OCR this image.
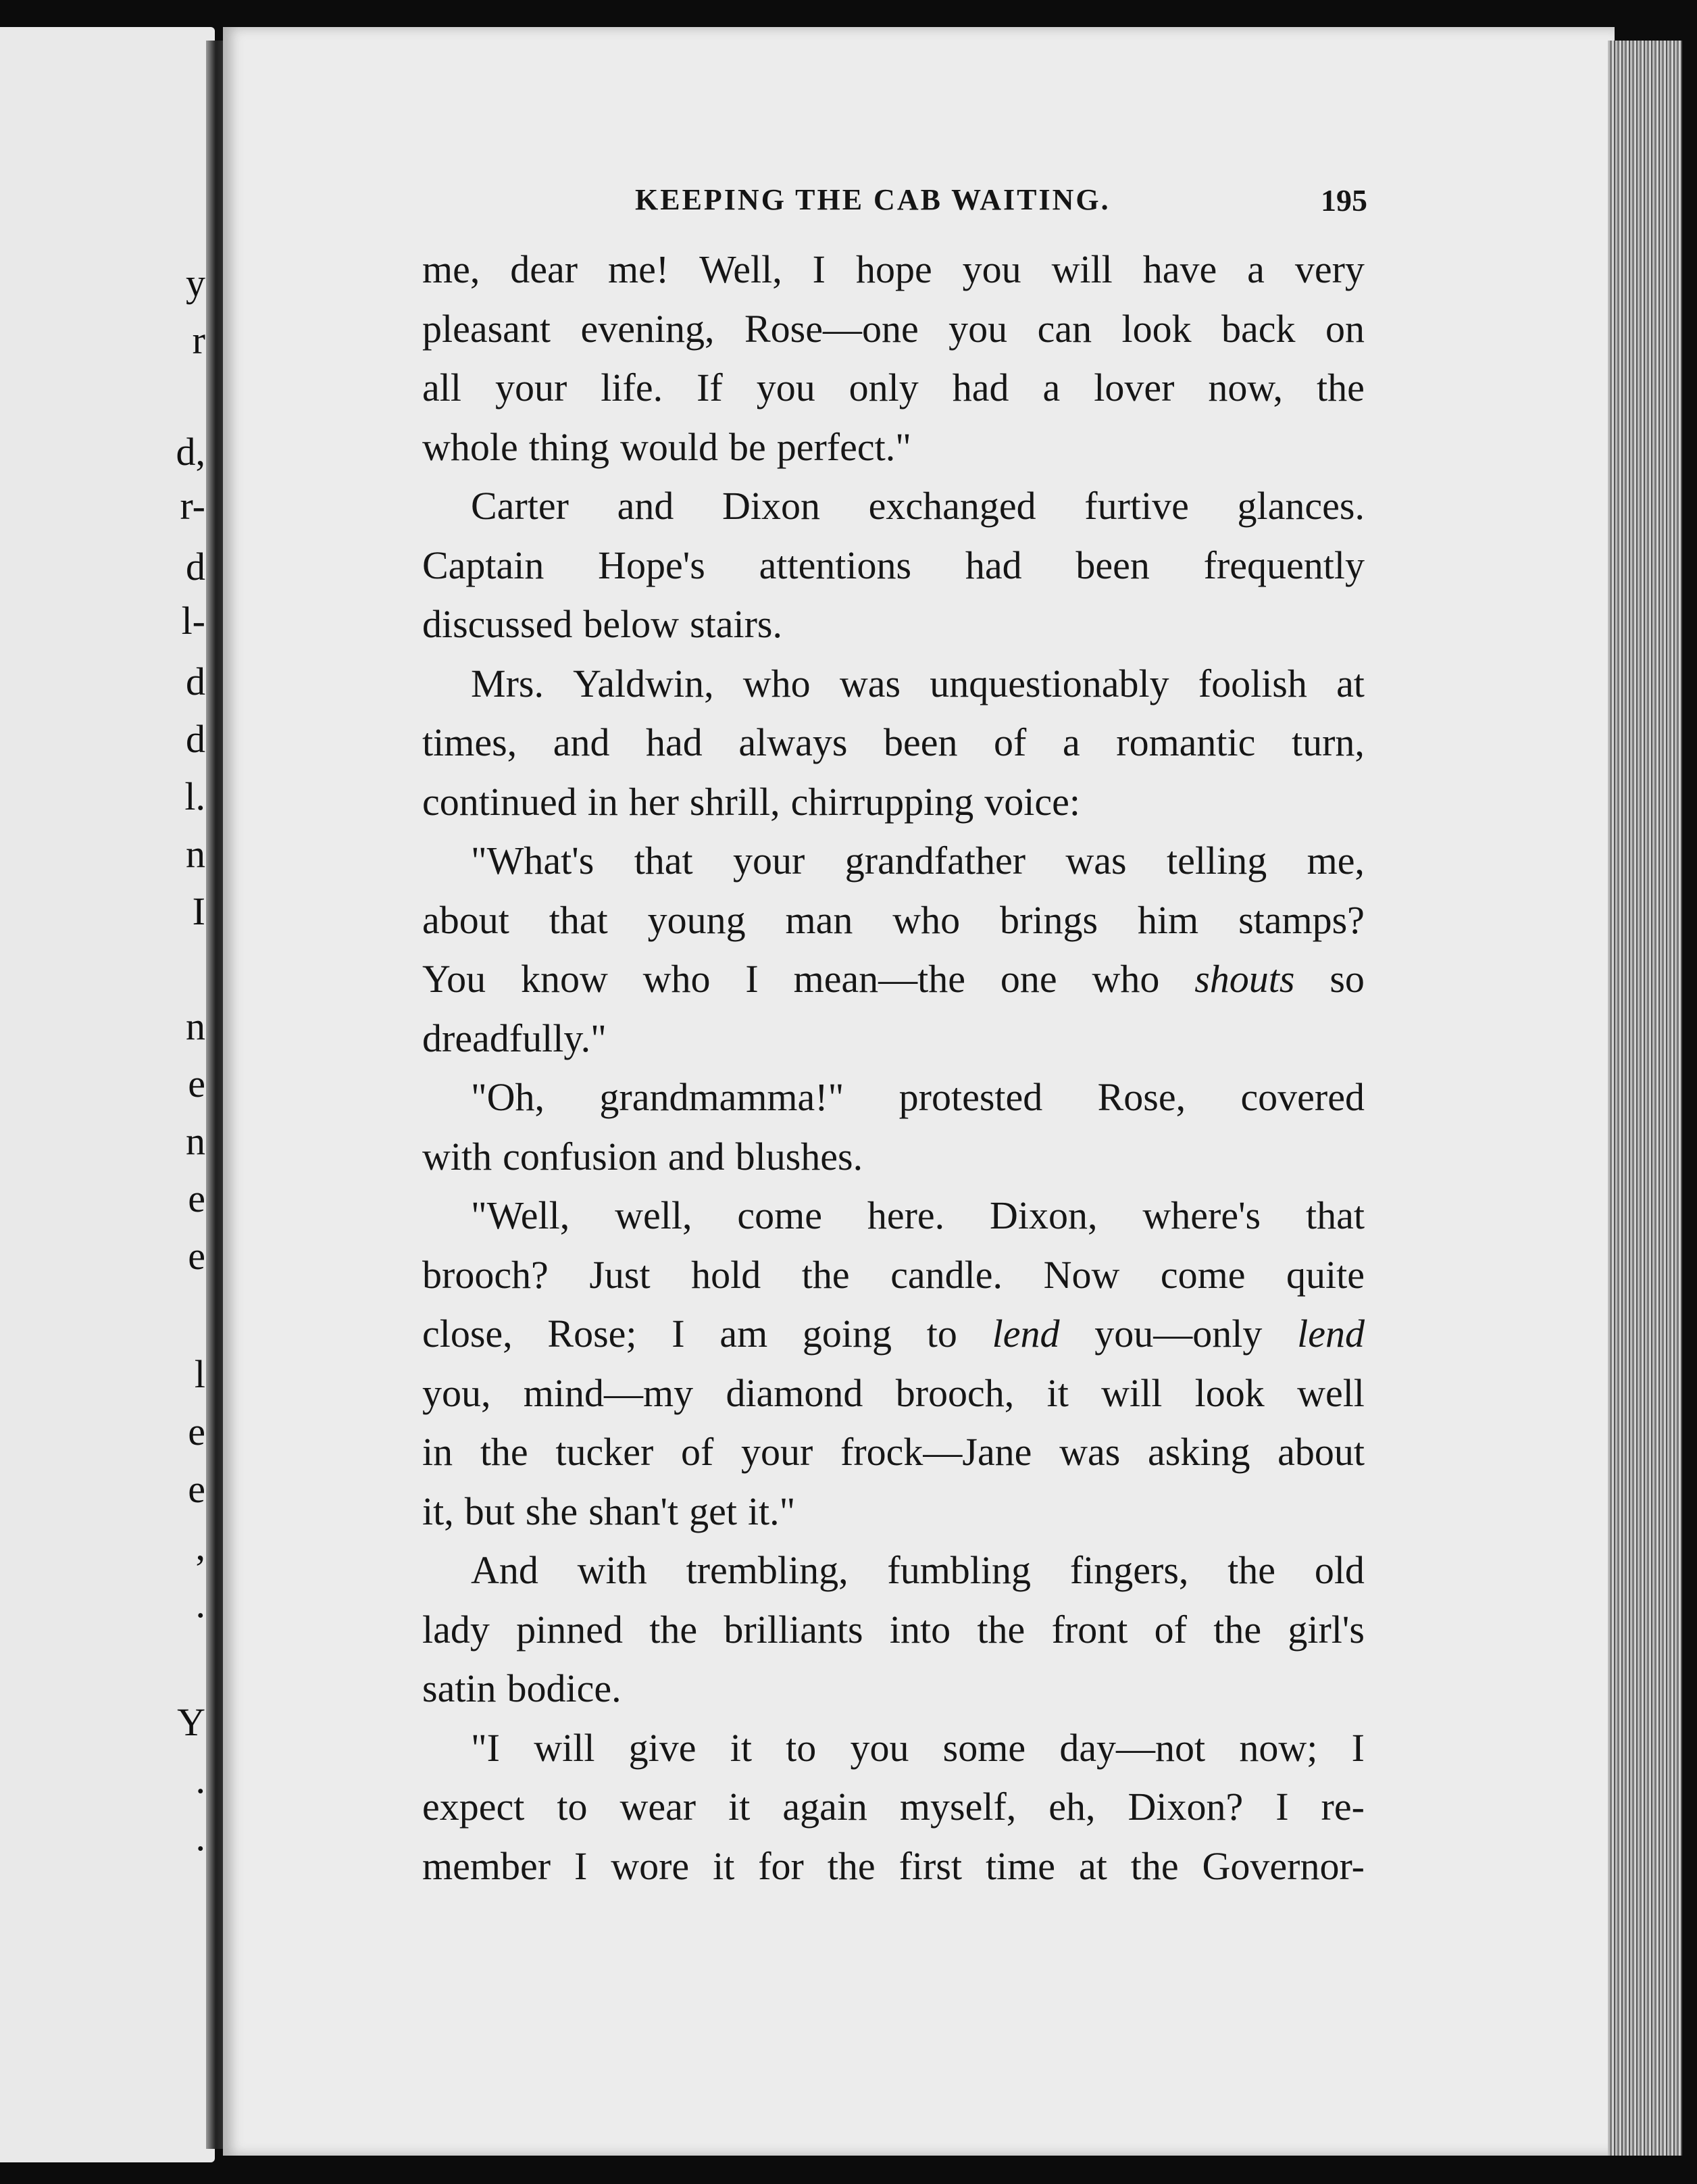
y
r
d,
r-
d
l-
d
d
l.
n
I
n
e
n
e
e
l
e
e
,
.
Y
.
.
KEEPING THE CAB WAITING.	195
me, dear me! Well, I hope you will have a very
pleasant evening, Rose—one you can look back on
all your life. If you only had a lover now, the
whole thing would be perfect."
Carter and Dixon exchanged furtive glances.
Captain Hope's attentions had been frequently
discussed below stairs.
Mrs. Yaldwin, who was unquestionably foolish at
times, and had always been of a romantic turn,
continued in her shrill, chirrupping voice:
"What's that your grandfather was telling me,
about that young man who brings him stamps?
You know who I mean—the one who shouts so
dreadfully."
"Oh, grandmamma!" protested Rose, covered
with confusion and blushes.
"Well, well, come here. Dixon, where's that
brooch? Just hold the candle. Now come quite
close, Rose; I am going to lend you—only lend
you, mind—my diamond brooch, it will look well
in the tucker of your frock—Jane was asking about
it, but she shan't get it."
And with trembling, fumbling fingers, the old
lady pinned the brilliants into the front of the girl's
satin bodice.
"I will give it to you some day—not now; I
expect to wear it again myself, eh, Dixon? I re-
member I wore it for the first time at the Governor-
